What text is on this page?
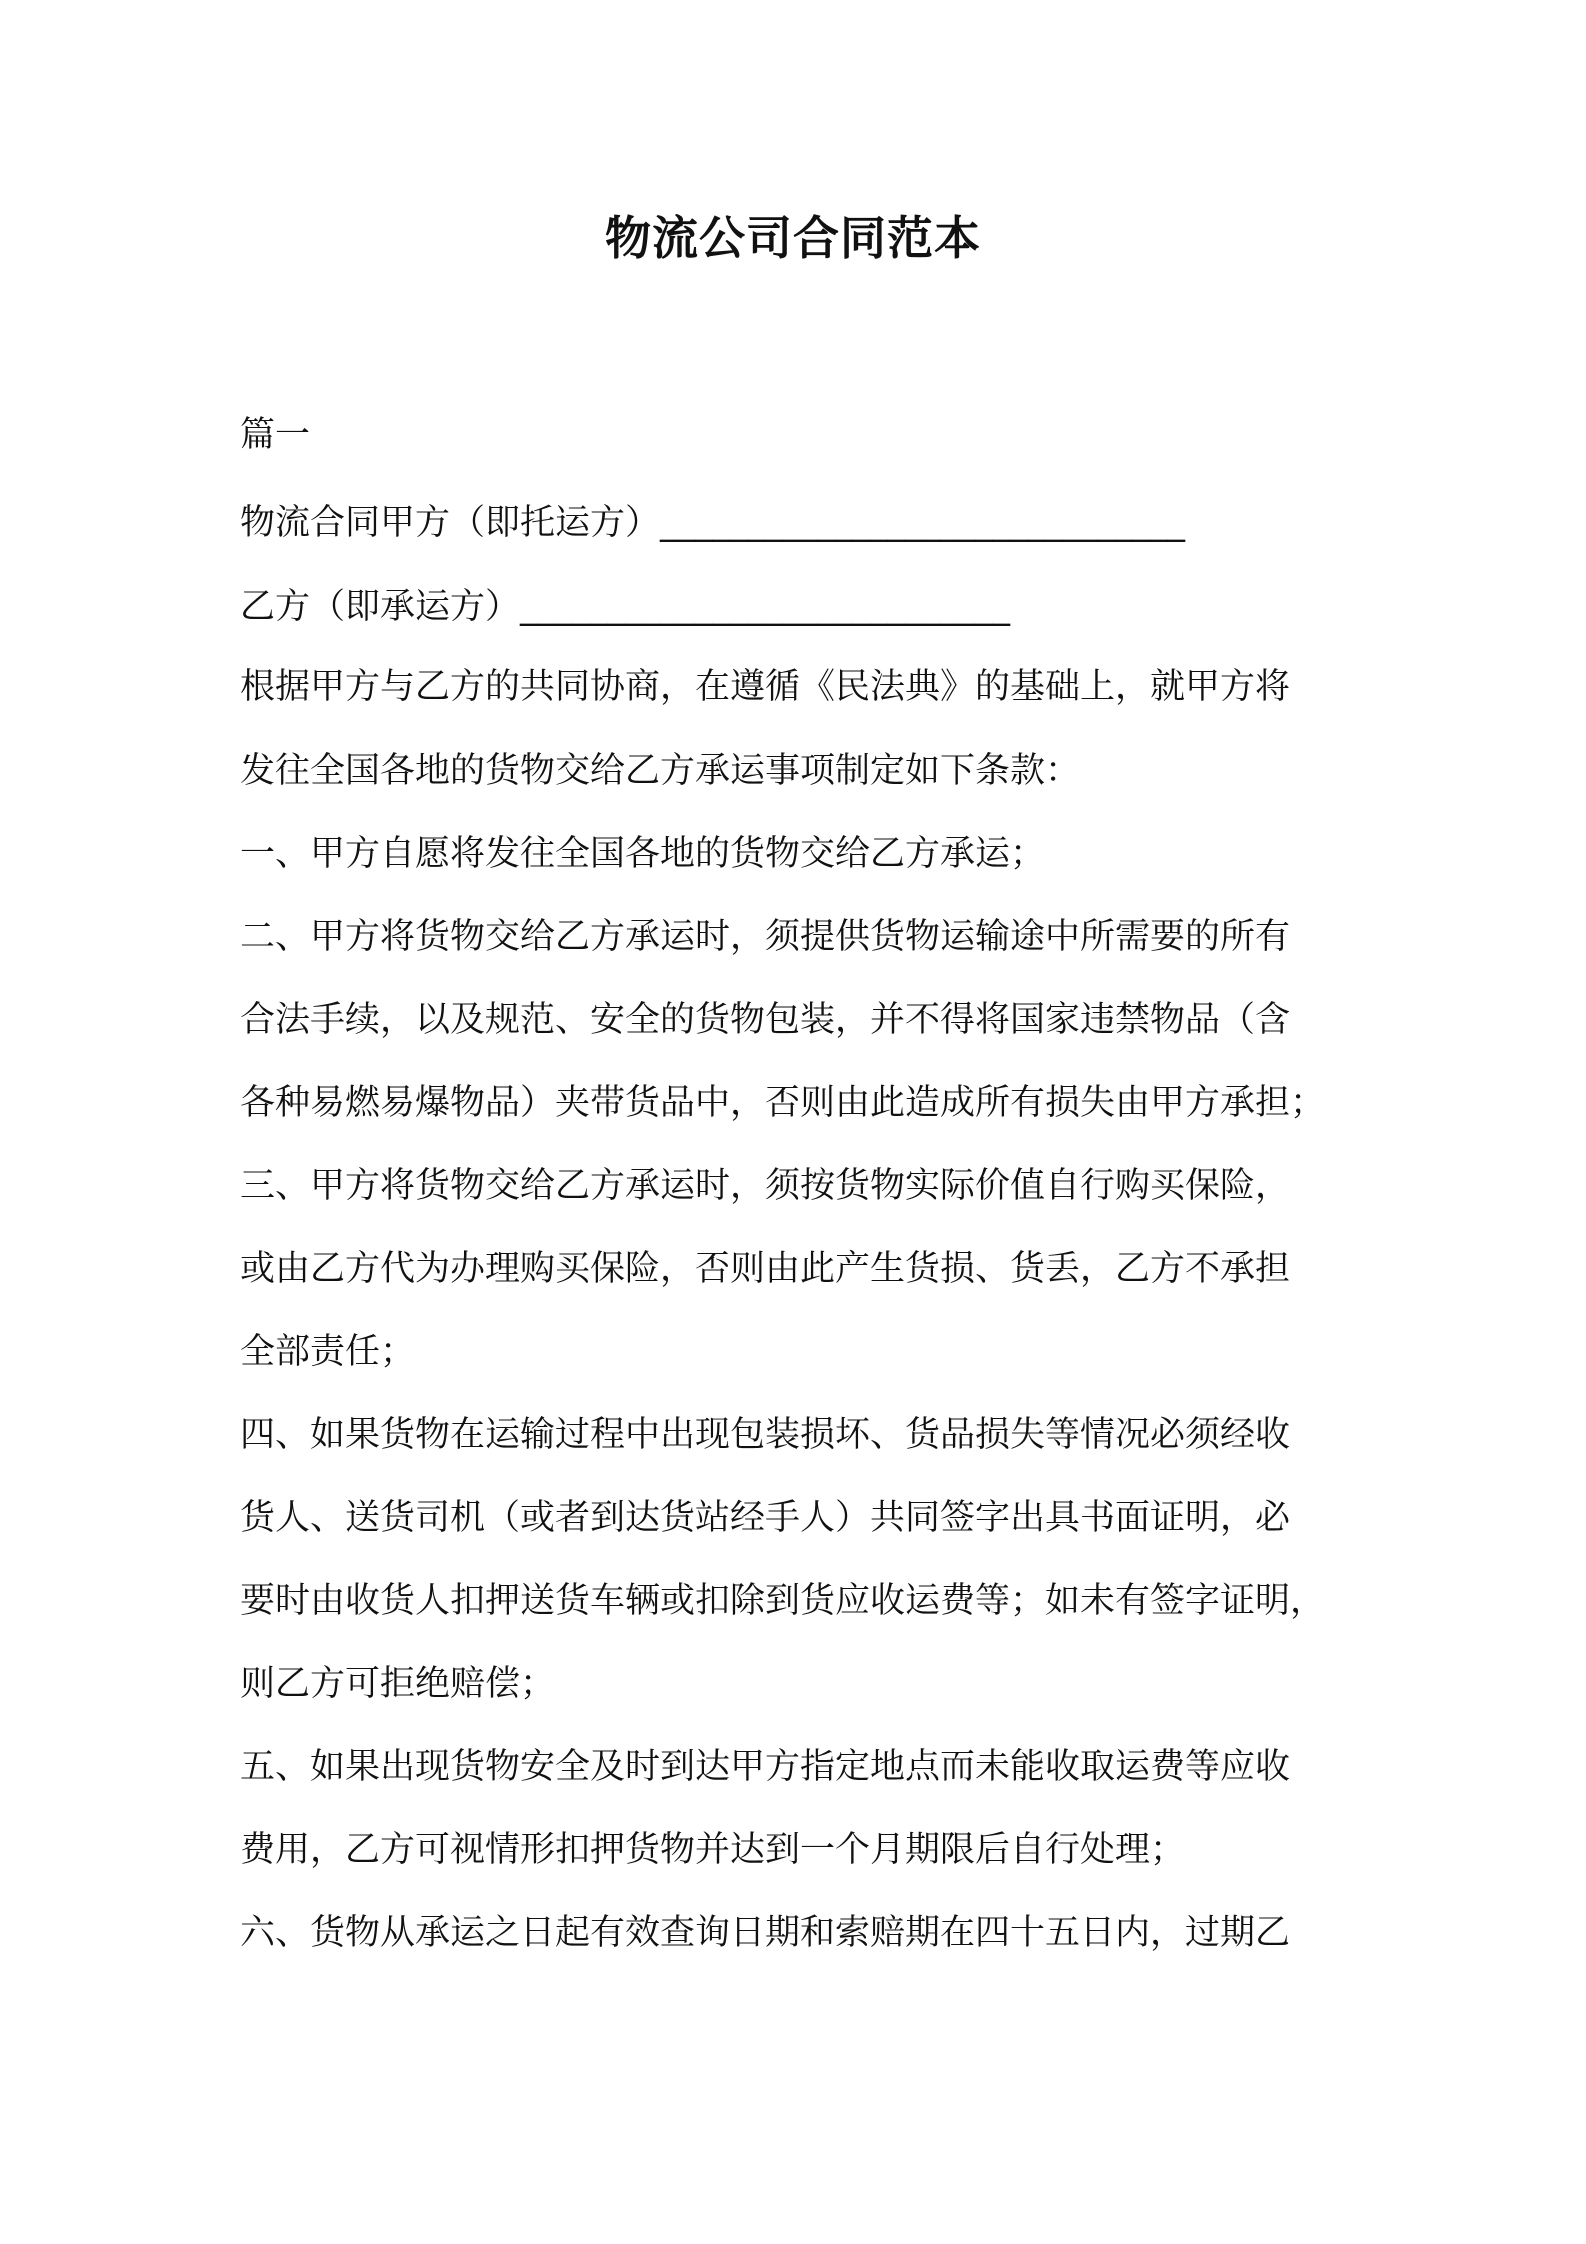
物流公司合同范本
篇一
物流合同甲方（即托运方）______________________________
乙方（即承运方）____________________________
根据甲方与乙方的共同协商，在遵循《民法典》的基础上，就甲方将
发往全国各地的货物交给乙方承运事项制定如下条款：
一、甲方自愿将发往全国各地的货物交给乙方承运；
二、甲方将货物交给乙方承运时，须提供货物运输途中所需要的所有
合法手续，以及规范、安全的货物包装，并不得将国家违禁物品（含
各种易燃易爆物品）夹带货品中，否则由此造成所有损失由甲方承担；
三、甲方将货物交给乙方承运时，须按货物实际价值自行购买保险，
或由乙方代为办理购买保险，否则由此产生货损、货丢，乙方不承担
全部责任；
四、如果货物在运输过程中出现包装损坏、货品损失等情况必须经收
货人、送货司机（或者到达货站经手人）共同签字出具书面证明，必
要时由收货人扣押送货车辆或扣除到货应收运费等；如未有签字证明，
则乙方可拒绝赔偿；
五、如果出现货物安全及时到达甲方指定地点而未能收取运费等应收
费用，乙方可视情形扣押货物并达到一个月期限后自行处理；
六、货物从承运之日起有效查询日期和索赔期在四十五日内，过期乙
